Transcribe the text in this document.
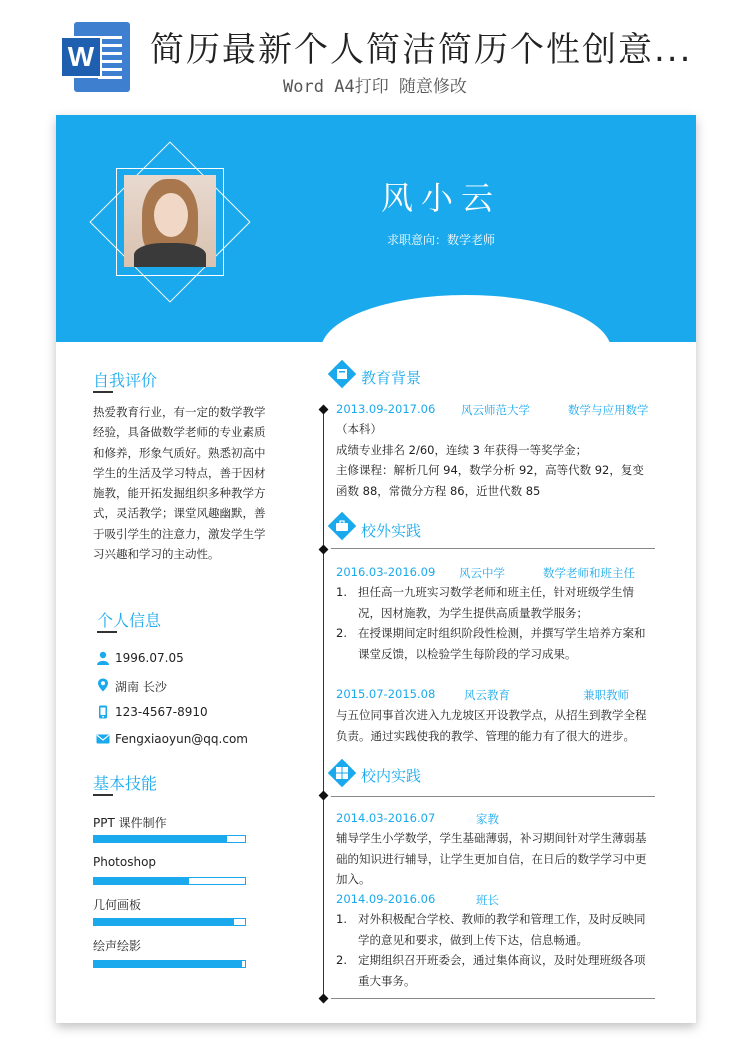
W 简历最新个人简洁简历个性创意...
Word A4打印 随意修改
风小云
求职意向：数学老师
自我评价
热爱教育行业，有一定的数学教学经验，具备做数学老师的专业素质和修养，形象气质好。熟悉初高中学生的生活及学习特点，善于因材施教，能开拓发掘组织多种教学方式，灵活教学；课堂风趣幽默，善于吸引学生的注意力，激发学生学习兴趣和学习的主动性。
个人信息
1996.07.05
湖南 长沙
123-4567-8910
Fengxiaoyun@qq.com
基本技能
PPT 课件制作
Photoshop
几何画板
绘声绘影
教育背景
2013.09-2017.06 风云师范大学	数学与应用数学
（本科）
成绩专业排名 2/60，连续 3 年获得一等奖学金；
主修课程：解析几何 94，数学分析 92，高等代数 92，复变函数 88，常微分方程 86，近世代数 85
校外实践
2016.03-2016.09 风云中学	数学老师和班主任
1. 担任高一九班实习数学老师和班主任，针对班级学生情况，因材施教，为学生提供高质量教学服务；
2. 在授课期间定时组织阶段性检测，并撰写学生培养方案和课堂反馈，以检验学生每阶段的学习成果。
2015.07-2015.08 风云教育	兼职教师
与五位同事首次进入九龙坡区开设教学点，从招生到教学全程负责。通过实践使我的教学、管理的能力有了很大的进步。
校内实践
2014.03-2016.07	家教
辅导学生小学数学，学生基础薄弱，补习期间针对学生薄弱基础的知识进行辅导，让学生更加自信，在日后的数学学习中更加入。
2014.09-2016.06	班长
1. 对外积极配合学校、教师的教学和管理工作，及时反映同学的意见和要求，做到上传下达，信息畅通。
2. 定期组织召开班委会，通过集体商议，及时处理班级各项重大事务。
